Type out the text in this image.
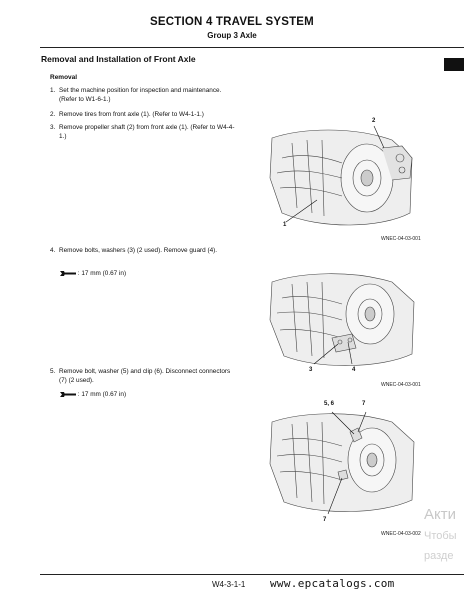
SECTION 4 TRAVEL SYSTEM
Group 3 Axle
Removal and Installation of Front Axle
Removal
1. Set the machine position for inspection and maintenance. (Refer to W1-6-1.)
2. Remove tires from front axle (1). (Refer to W4-1-1.)
3. Remove propeller shaft (2) from front axle (1). (Refer to W4-4-1.)
4. Remove bolts, washers (3) (2 used). Remove guard (4).
: 17 mm (0.67 in)
5. Remove bolt, washer (5) and clip (6). Disconnect connectors (7) (2 used).
: 17 mm (0.67 in)
2
1
WNEC-04-03-001
3	4
WNEC-04-03-001
5, 6	7
7
WNEC-04-03-002
Акти
Чтобы
разде
W4-3-1-1 www.epcatalogs.com
